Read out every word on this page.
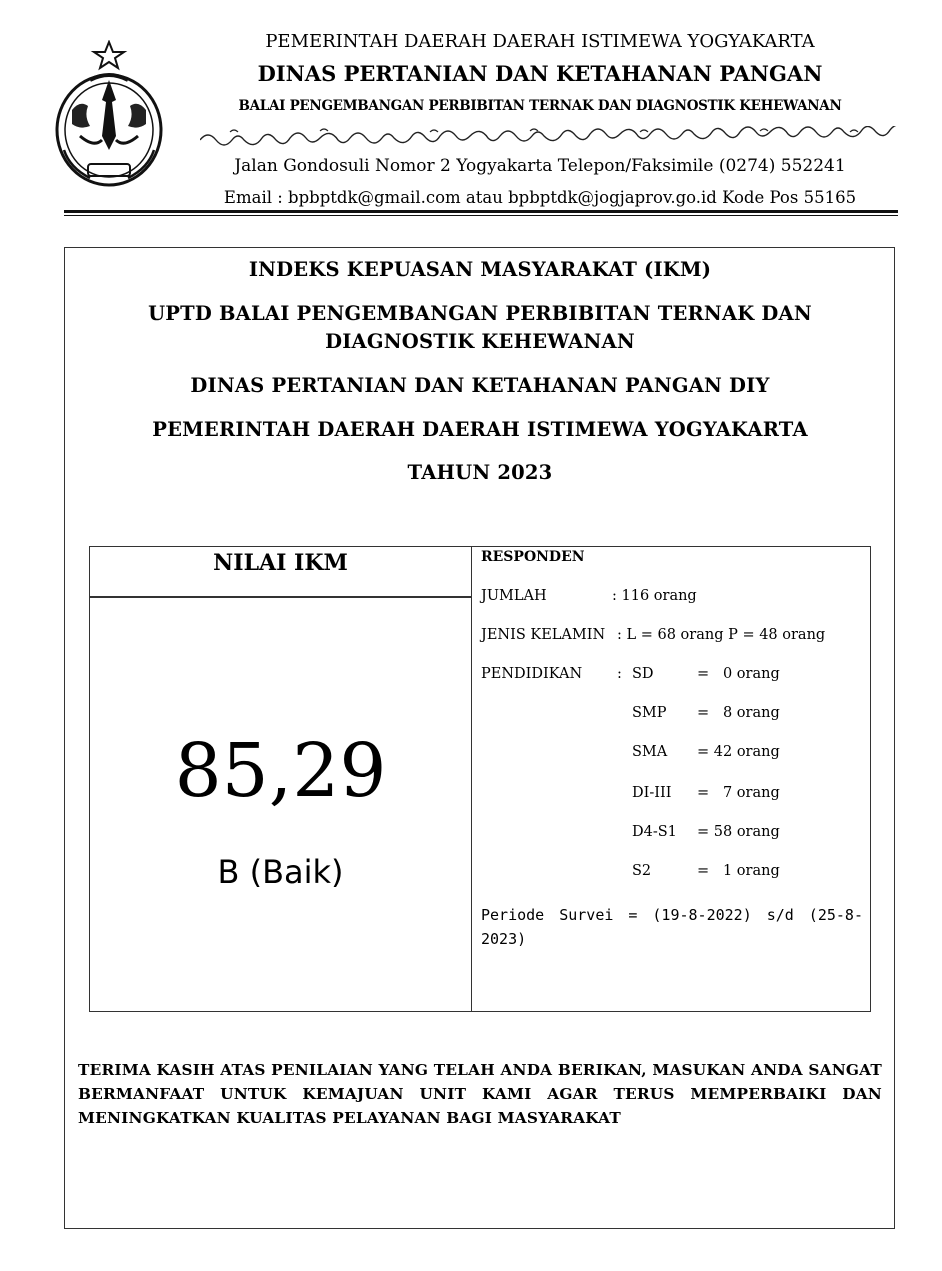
PEMERINTAH DAERAH DAERAH ISTIMEWA YOGYAKARTA
DINAS PERTANIAN DAN KETAHANAN PANGAN
BALAI PENGEMBANGAN PERBIBITAN TERNAK DAN DIAGNOSTIK KEHEWANAN
Jalan Gondosuli Nomor 2 Yogyakarta Telepon/Faksimile (0274) 552241
Email : bpbptdk@gmail.com atau bpbptdk@jogjaprov.go.id Kode Pos 55165
INDEKS KEPUASAN MASYARAKAT (IKM)
UPTD BALAI PENGEMBANGAN PERBIBITAN TERNAK DAN
DIAGNOSTIK KEHEWANAN
DINAS PERTANIAN DAN KETAHANAN PANGAN DIY
PEMERINTAH DAERAH DAERAH ISTIMEWA YOGYAKARTA
TAHUN 2023
NILAI IKM
85,29
B (Baik)
RESPONDEN
JUMLAH	: 116 orang
JENIS KELAMIN : L = 68 orang P = 48 orang
PENDIDIKAN : SD	=   0 orang
SMP =   8 orang
SMA = 42 orang
DI-III =   7 orang
D4-S1 = 58 orang
S2	=   1 orang
Periode Survei = (19-8-2022) s/d (25-8-2023)
TERIMA KASIH ATAS PENILAIAN YANG TELAH ANDA BERIKAN, MASUKAN ANDA SANGAT BERMANFAAT UNTUK KEMAJUAN UNIT KAMI AGAR TERUS MEMPERBAIKI DAN MENINGKATKAN KUALITAS PELAYANAN BAGI MASYARAKAT
